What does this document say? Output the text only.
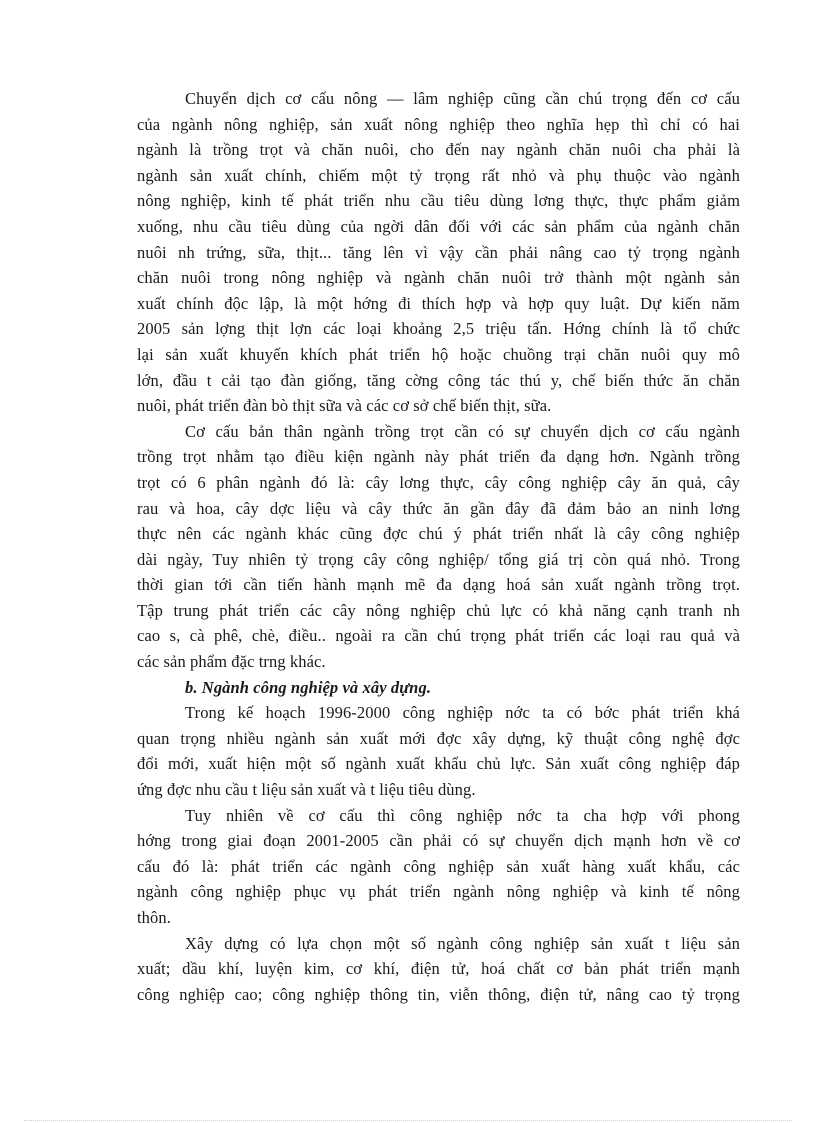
Chuyển dịch cơ cấu nông — lâm nghiệp cũng cần chú trọng đến cơ cấu
của ngành nông nghiệp, sản xuất nông nghiệp theo nghĩa hẹp thì chỉ có hai
ngành là trồng trọt và chăn nuôi, cho đến nay ngành chăn nuôi cha phải là
ngành sản xuất chính, chiếm một tỷ trọng rất nhỏ và phụ thuộc vào ngành
nông nghiệp, kinh tế phát triển nhu cầu tiêu dùng lơng thực, thực phẩm giảm
xuống, nhu cầu tiêu dùng của ngời dân đối với các sản phẩm của ngành chăn
nuôi nh trứng, sữa, thịt... tăng lên vì vậy cần phải nâng cao tỷ trọng ngành
chăn nuôi trong nông nghiệp và ngành chăn nuôi trở thành một ngành sản
xuất chính độc lập, là một hớng đi thích hợp và hợp quy luật. Dự kiến năm
2005 sản lợng thịt lợn các loại khoảng 2,5 triệu tấn. Hớng chính là tổ chức
lại sản xuất khuyến khích phát triển hộ hoặc chuồng trại chăn nuôi quy mô
lớn, đầu t cải tạo đàn giống, tăng cờng công tác thú y, chế biến thức ăn chăn
nuôi, phát triển đàn bò thịt sữa và các cơ sở chế biến thịt, sữa.
Cơ cấu bản thân ngành trồng trọt cần có sự chuyển dịch cơ cấu ngành
trồng trọt nhằm tạo điều kiện ngành này phát triển đa dạng hơn. Ngành trồng
trọt có 6 phân ngành đó là: cây lơng thực, cây công nghiệp cây ăn quả, cây
rau và hoa, cây dợc liệu và cây thức ăn gần đây đã đảm bảo an ninh lơng
thực nên các ngành khác cũng đợc chú ý phát triển nhất là cây công nghiệp
dài ngày, Tuy nhiên tỷ trọng cây công nghiệp/ tổng giá trị còn quá nhỏ. Trong
thời gian tới cần tiến hành mạnh mẽ đa dạng hoá sản xuất ngành trồng trọt.
Tập trung phát triển các cây nông nghiệp chủ lực có khả năng cạnh tranh nh
cao s, cà phê, chè, điều.. ngoài ra cần chú trọng phát triển các loại rau quả và
các sản phẩm đặc trng khác.
b. Ngành công nghiệp và xây dựng.
Trong kế hoạch 1996-2000 công nghiệp nớc ta có bớc phát triển khá
quan trọng nhiều ngành sản xuất mới đợc xây dựng, kỹ thuật công nghệ đợc
đổi mới, xuất hiện một số ngành xuất khẩu chủ lực. Sản xuất công nghiệp đáp
ứng đợc nhu cầu t liệu sản xuất và t liệu tiêu dùng.
Tuy nhiên về cơ cấu thì công nghiệp nớc ta cha hợp với phong
hớng trong giai đoạn 2001-2005 cần phải có sự chuyển dịch mạnh hơn về cơ
cấu đó là: phát triển các ngành công nghiệp sản xuất hàng xuất khẩu, các
ngành công nghiệp phục vụ phát triển ngành nông nghiệp và kinh tế nông
thôn.
Xây dựng có lựa chọn một số ngành công nghiệp sản xuất t liệu sản
xuất; dầu khí, luyện kim, cơ khí, điện tử, hoá chất cơ bản phát triển mạnh
công nghiệp cao; công nghiệp thông tin, viễn thông, điện tử, nâng cao tỷ trọng
